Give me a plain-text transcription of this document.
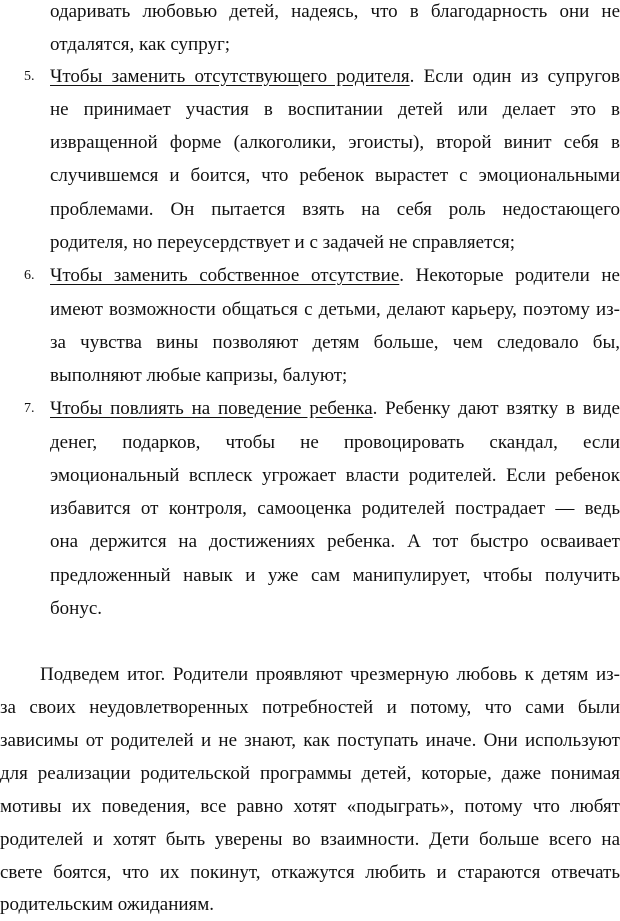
одаривать любовью детей, надеясь, что в благодарность они не
отдалятся, как супруг;
5. Чтобы заменить отсутствующего родителя. Если один из супругов
не принимает участия в воспитании детей или делает это в
извращенной форме (алкоголики, эгоисты), второй винит себя в
случившемся и боится, что ребенок вырастет с эмоциональными
проблемами. Он пытается взять на себя роль недостающего
родителя, но переусердствует и с задачей не справляется;
6. Чтобы заменить собственное отсутствие. Некоторые родители не
имеют возможности общаться с детьми, делают карьеру, поэтому из-
за чувства вины позволяют детям больше, чем следовало бы,
выполняют любые капризы, балуют;
7. Чтобы повлиять на поведение ребенка. Ребенку дают взятку в виде
денег, подарков, чтобы не провоцировать скандал, если
эмоциональный всплеск угрожает власти родителей. Если ребенок
избавится от контроля, самооценка родителей пострадает — ведь
она держится на достижениях ребенка. А тот быстро осваивает
предложенный навык и уже сам манипулирует, чтобы получить
бонус.
Подведем итог. Родители проявляют чрезмерную любовь к детям из-
за своих неудовлетворенных потребностей и потому, что сами были
зависимы от родителей и не знают, как поступать иначе. Они используют
для реализации родительской программы детей, которые, даже понимая
мотивы их поведения, все равно хотят «подыграть», потому что любят
родителей и хотят быть уверены во взаимности. Дети больше всего на
свете боятся, что их покинут, откажутся любить и стараются отвечать
родительским ожиданиям.
